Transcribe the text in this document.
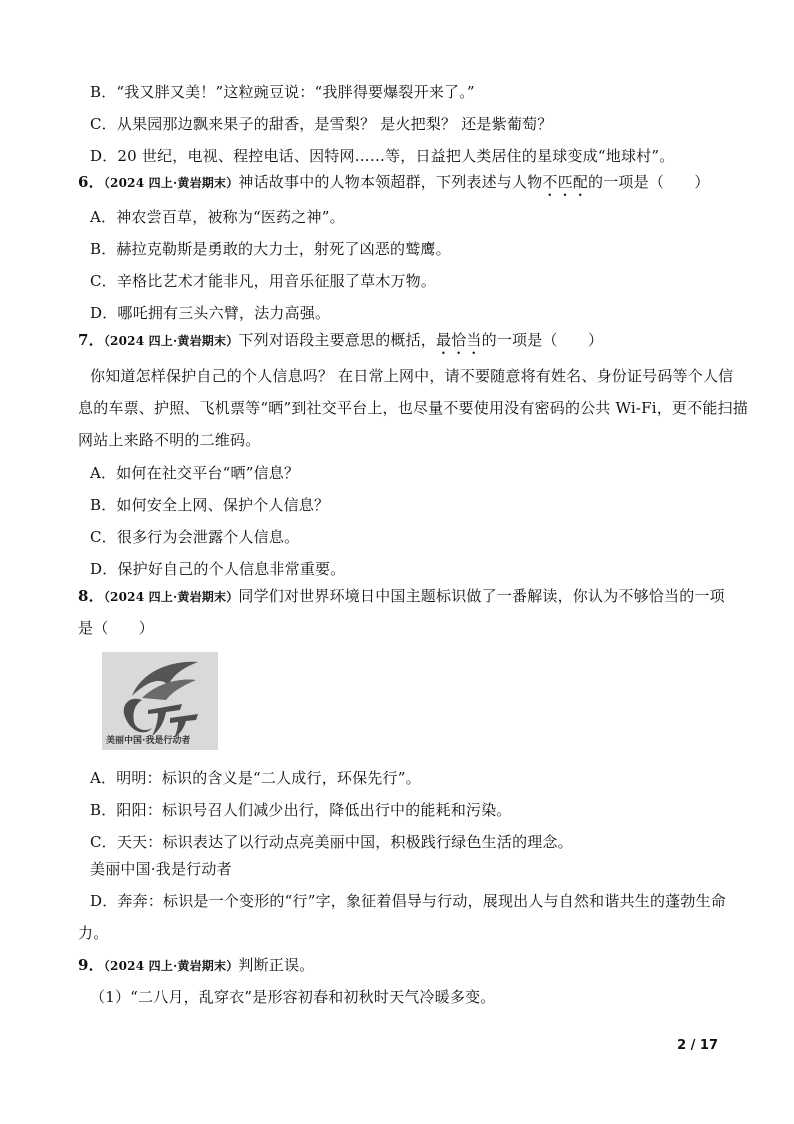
B．“我又胖又美！”这粒豌豆说：“我胖得要爆裂开来了。”
C．从果园那边飘来果子的甜香，是雪梨？ 是火把梨？ 还是紫葡萄？
D．20 世纪，电视、程控电话、因特网……等，日益把人类居住的星球变成“地球村”。
6．（2024 四上·黄岩期末）神话故事中的人物本领超群，下列表述与人物不匹配的一项是（　　）
A．神农尝百草，被称为“医药之神”。
B．赫拉克勒斯是勇敢的大力士，射死了凶恶的鹫鹰。
C．辛格比艺术才能非凡，用音乐征服了草木万物。
D．哪吒拥有三头六臂，法力高强。
7．（2024 四上·黄岩期末）下列对语段主要意思的概括，最恰当的一项是（　　）
你知道怎样保护自己的个人信息吗？ 在日常上网中，请不要随意将有姓名、身份证号码等个人信
息的车票、护照、飞机票等“晒”到社交平台上，也尽量不要使用没有密码的公共 Wi-Fi，更不能扫描
网站上来路不明的二维码。
A．如何在社交平台“晒”信息？
B．如何安全上网、保护个人信息？
C．很多行为会泄露个人信息。
D．保护好自己的个人信息非常重要。
8．（2024 四上·黄岩期末）同学们对世界环境日中国主题标识做了一番解读，你认为不够恰当的一项
是（　　）
美丽中国·我是行动者
A．明明：标识的含义是“二人成行，环保先行”。
B．阳阳：标识号召人们减少出行，降低出行中的能耗和污染。
C．天天：标识表达了以行动点亮美丽中国，积极践行绿色生活的理念。
美丽中国·我是行动者
D．奔奔：标识是一个变形的“行”字，象征着倡导与行动，展现出人与自然和谐共生的蓬勃生命
力。
9．（2024 四上·黄岩期末）判断正误。
（1）“二八月，乱穿衣”是形容初春和初秋时天气冷暖多变。
2 / 17
